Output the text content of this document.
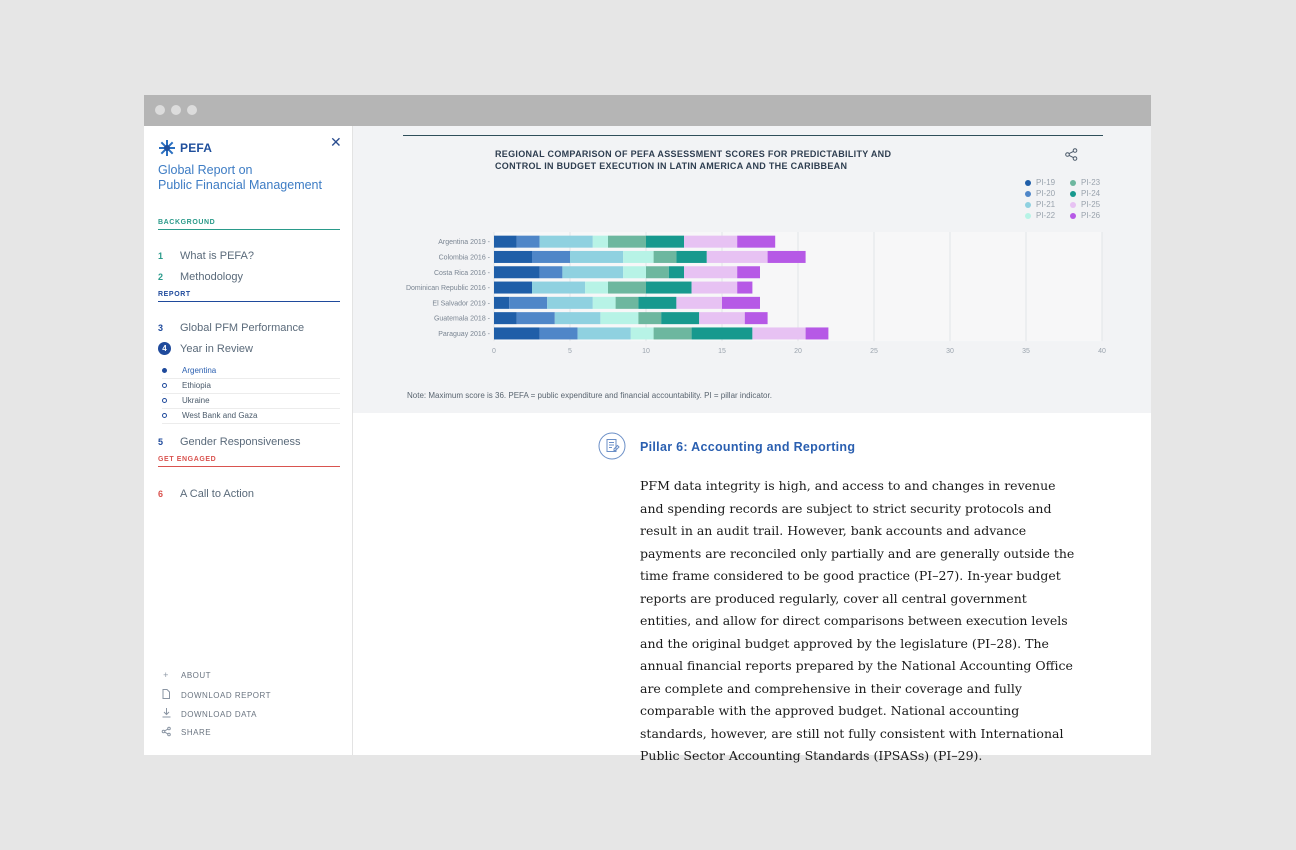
PEFA	✕
Global Report on
Public Financial Management
BACKGROUND
1	What is PEFA?
2	Methodology
REPORT
3	Global PFM Performance
4	Year in Review
Argentina
Ethiopia
Ukraine
West Bank and Gaza
5	Gender Responsiveness
GET ENGAGED
6	A Call to Action
+	ABOUT
DOWNLOAD REPORT
DOWNLOAD DATA
SHARE
REGIONAL COMPARISON OF PEFA ASSESSMENT SCORES FOR PREDICTABILITY AND CONTROL IN BUDGET EXECUTION IN LATIN AMERICA AND THE CARIBBEAN
PI-19
PI-20
PI-21
PI-22
PI-23
PI-24
PI-25
PI-26
0	5	10	15	20	25	30	35	40
Argentina 2019 -
Colombia 2016 -
Costa Rica 2016 -
Dominican Republic 2016 -
El Salvador 2019 -
Guatemala 2018 -
Paraguay 2016 -
Note: Maximum score is 36. PEFA = public expenditure and financial accountability. PI = pillar indicator.
Pillar 6: Accounting and Reporting

PFM data integrity is high, and access to and changes in revenue and spending records are subject to strict security protocols and result in an audit trail. However, bank accounts and advance payments are reconciled only partially and are generally outside the time frame considered to be good practice (PI–27). In-year budget reports are produced regularly, cover all central government entities, and allow for direct comparisons between execution levels and the original budget approved by the legislature (PI–28). The annual financial reports prepared by the National Accounting Office are complete and comprehensive in their coverage and fully comparable with the approved budget. National accounting standards, however, are still not fully consistent with International Public Sector Accounting Standards (IPSASs) (PI–29).
